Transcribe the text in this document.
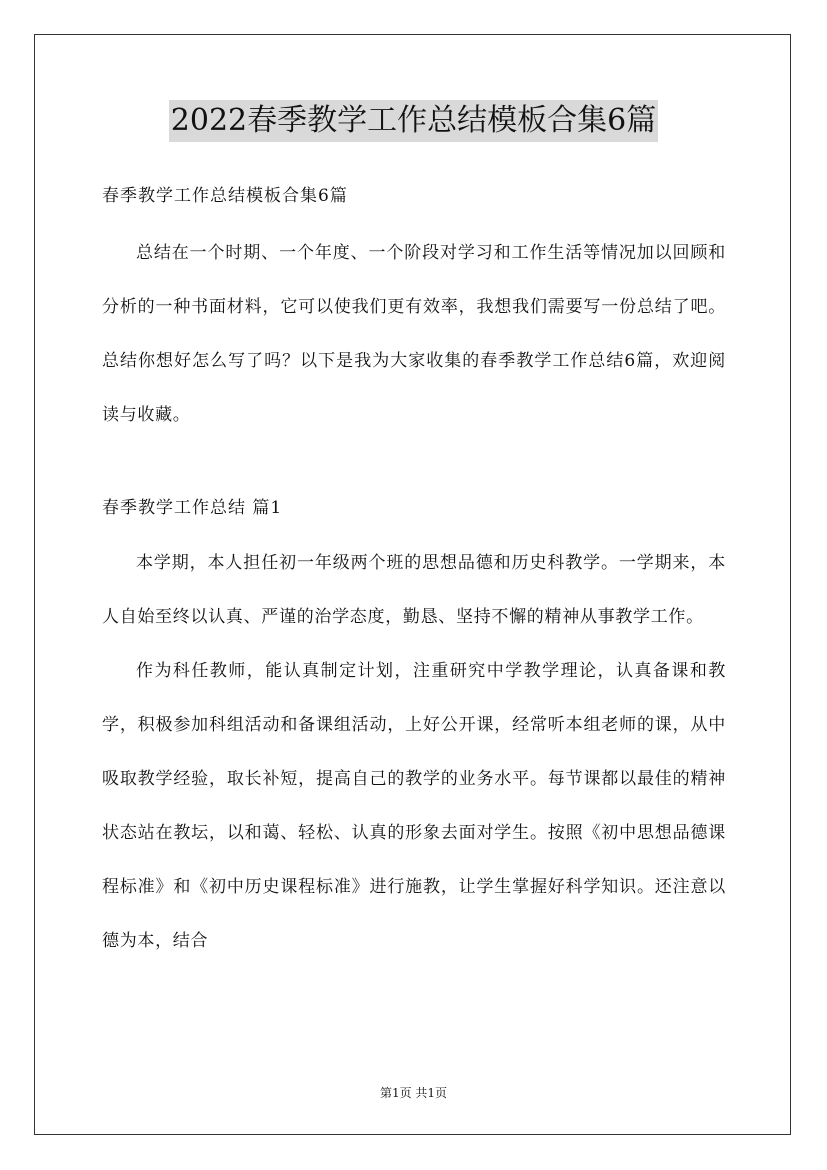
2022春季教学工作总结模板合集6篇
春季教学工作总结模板合集6篇

总结在一个时期、一个年度、一个阶段对学习和工作生活等情况加以回顾和分析的一种书面材料，它可以使我们更有效率，我想我们需要写一份总结了吧。总结你想好怎么写了吗？以下是我为大家收集的春季教学工作总结6篇，欢迎阅读与收藏。

春季教学工作总结 篇1

本学期，本人担任初一年级两个班的思想品德和历史科教学。一学期来，本人自始至终以认真、严谨的治学态度，勤恳、坚持不懈的精神从事教学工作。

作为科任教师，能认真制定计划，注重研究中学教学理论，认真备课和教学，积极参加科组活动和备课组活动，上好公开课，经常听本组老师的课，从中吸取教学经验，取长补短，提高自己的教学的业务水平。每节课都以最佳的精神状态站在教坛，以和蔼、轻松、认真的形象去面对学生。按照《初中思想品德课程标准》和《初中历史课程标准》进行施教，让学生掌握好科学知识。还注意以德为本，结合

第1页 共1页
